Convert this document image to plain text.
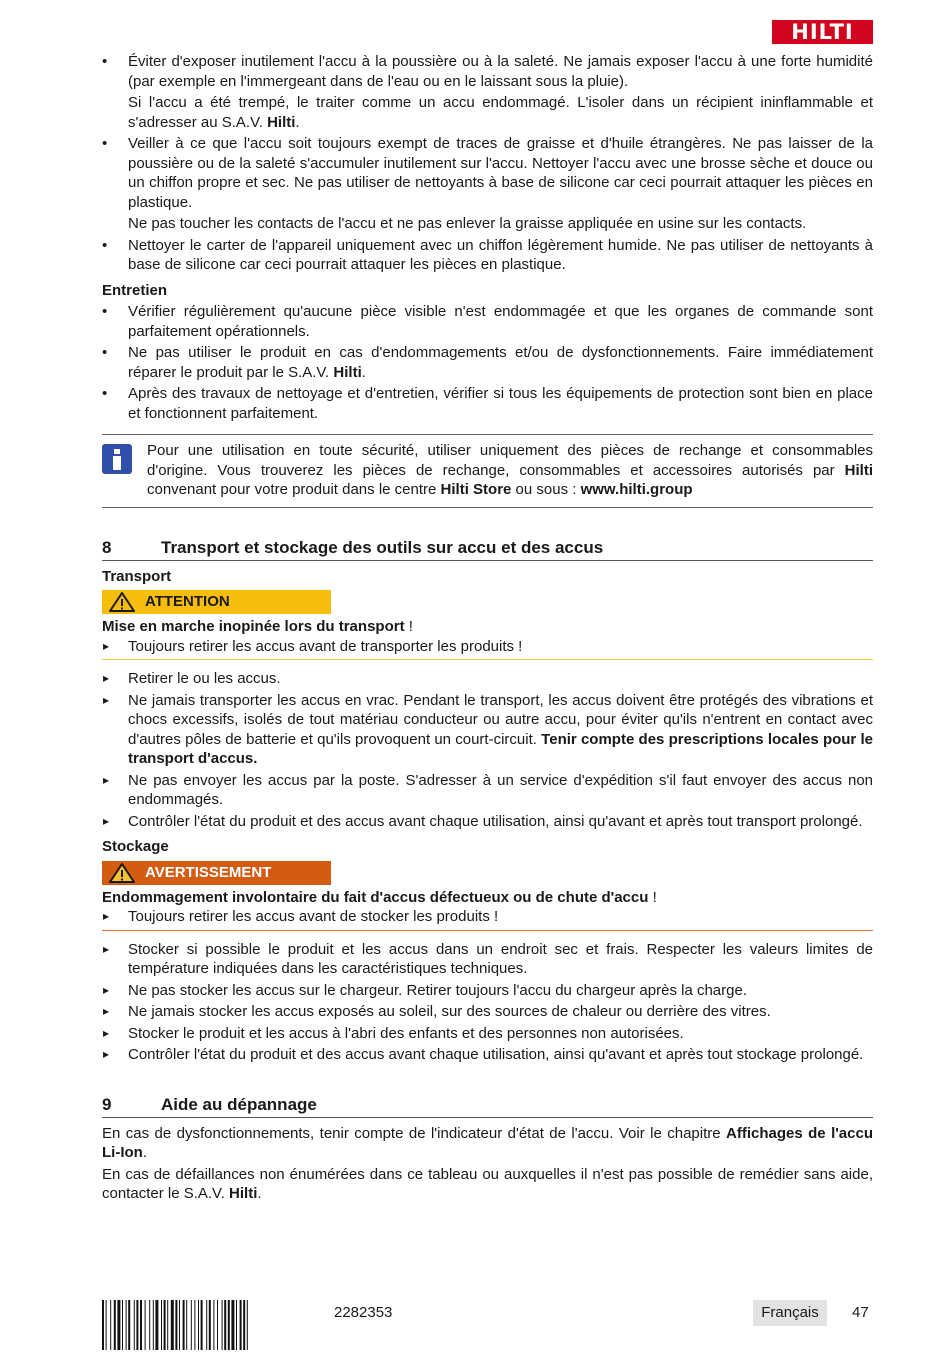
HILTI
• Éviter d'exposer inutilement l'accu à la poussière ou à la saleté. Ne jamais exposer l'accu à une forte humidité (par exemple en l'immergeant dans de l'eau ou en le laissant sous la pluie).
Si l'accu a été trempé, le traiter comme un accu endommagé. L'isoler dans un récipient ininflammable et s'adresser au S.A.V. Hilti.
• Veiller à ce que l'accu soit toujours exempt de traces de graisse et d'huile étrangères. Ne pas laisser de la poussière ou de la saleté s'accumuler inutilement sur l'accu. Nettoyer l'accu avec une brosse sèche et douce ou un chiffon propre et sec. Ne pas utiliser de nettoyants à base de silicone car ceci pourrait attaquer les pièces en plastique.
Ne pas toucher les contacts de l'accu et ne pas enlever la graisse appliquée en usine sur les contacts.
• Nettoyer le carter de l'appareil uniquement avec un chiffon légèrement humide. Ne pas utiliser de nettoyants à base de silicone car ceci pourrait attaquer les pièces en plastique.
Entretien
• Vérifier régulièrement qu'aucune pièce visible n'est endommagée et que les organes de commande sont parfaitement opérationnels.
• Ne pas utiliser le produit en cas d'endommagements et/ou de dysfonctionnements. Faire immédiatement réparer le produit par le S.A.V. Hilti.
• Après des travaux de nettoyage et d'entretien, vérifier si tous les équipements de protection sont bien en place et fonctionnent parfaitement.
Pour une utilisation en toute sécurité, utiliser uniquement des pièces de rechange et consommables d'origine. Vous trouverez les pièces de rechange, consommables et accessoires autorisés par Hilti convenant pour votre produit dans le centre Hilti Store ou sous : www.hilti.group
8	Transport et stockage des outils sur accu et des accus
Transport
ATTENTION
Mise en marche inopinée lors du transport !
▸ Toujours retirer les accus avant de transporter les produits !
▸ Retirer le ou les accus.
▸ Ne jamais transporter les accus en vrac. Pendant le transport, les accus doivent être protégés des vibrations et chocs excessifs, isolés de tout matériau conducteur ou autre accu, pour éviter qu'ils n'entrent en contact avec d'autres pôles de batterie et qu'ils provoquent un court-circuit. Tenir compte des prescriptions locales pour le transport d'accus.
▸ Ne pas envoyer les accus par la poste. S'adresser à un service d'expédition s'il faut envoyer des accus non endommagés.
▸ Contrôler l'état du produit et des accus avant chaque utilisation, ainsi qu'avant et après tout transport prolongé.
Stockage
AVERTISSEMENT
Endommagement involontaire du fait d'accus défectueux ou de chute d'accu !
▸ Toujours retirer les accus avant de stocker les produits !
▸ Stocker si possible le produit et les accus dans un endroit sec et frais. Respecter les valeurs limites de température indiquées dans les caractéristiques techniques.
▸ Ne pas stocker les accus sur le chargeur. Retirer toujours l'accu du chargeur après la charge.
▸ Ne jamais stocker les accus exposés au soleil, sur des sources de chaleur ou derrière des vitres.
▸ Stocker le produit et les accus à l'abri des enfants et des personnes non autorisées.
▸ Contrôler l'état du produit et des accus avant chaque utilisation, ainsi qu'avant et après tout stockage prolongé.
9	Aide au dépannage
En cas de dysfonctionnements, tenir compte de l'indicateur d'état de l'accu. Voir le chapitre Affichages de l'accu Li-Ion.
En cas de défaillances non énumérées dans ce tableau ou auxquelles il n'est pas possible de remédier sans aide, contacter le S.A.V. Hilti.
2282353	Français	47
